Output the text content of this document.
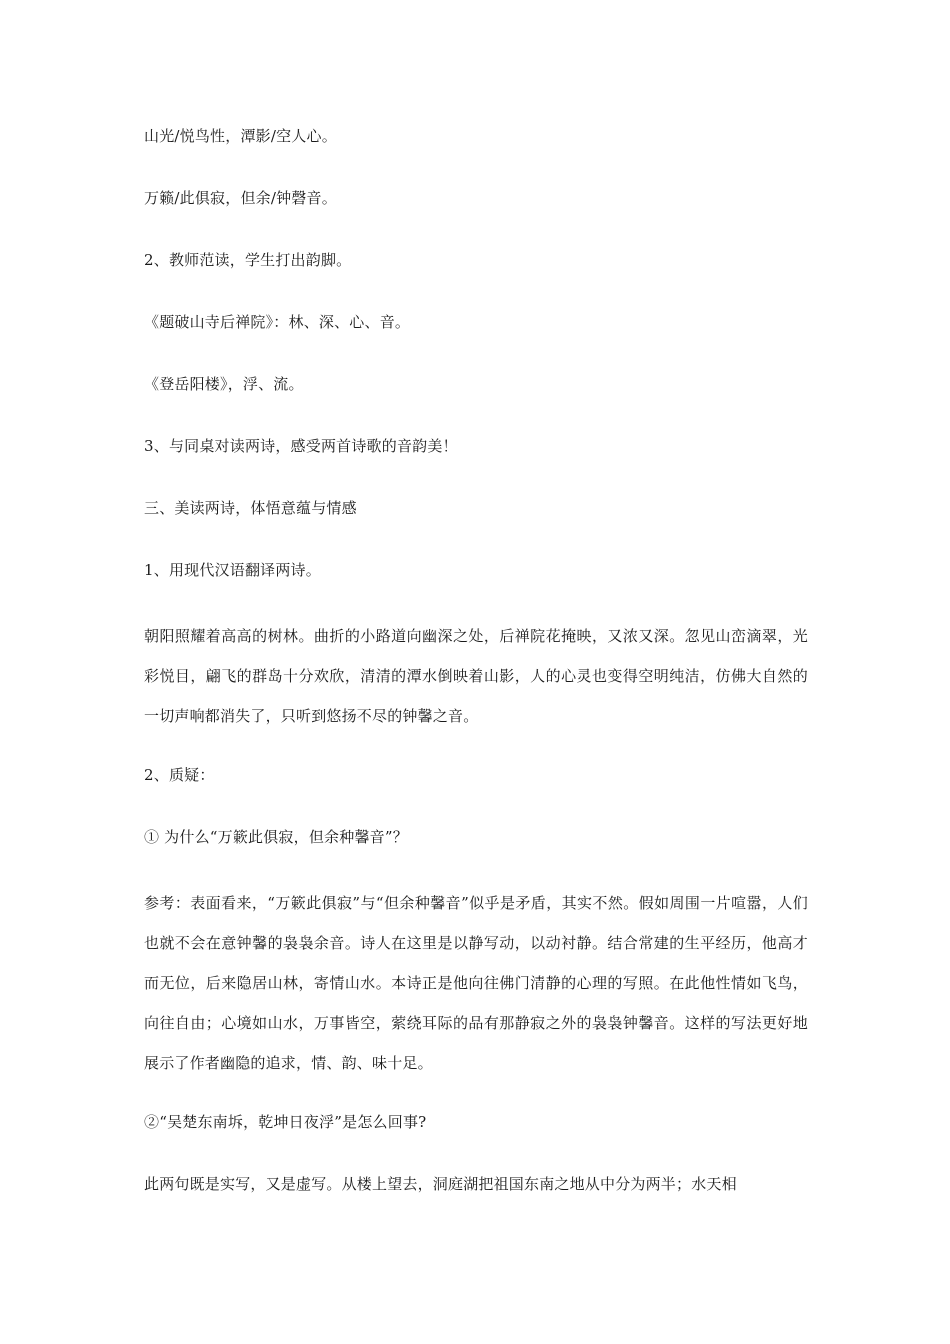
山光/悦鸟性，潭影/空人心。

万籁/此俱寂，但余/钟磬音。

2、教师范读，学生打出韵脚。

《题破山寺后禅院》：林、深、心、音。

《登岳阳楼》，浮、流。

3、与同桌对读两诗，感受两首诗歌的音韵美！

三、美读两诗，体悟意蕴与情感

1、用现代汉语翻译两诗。

朝阳照耀着高高的树林。曲折的小路道向幽深之处，后禅院花掩映，又浓又深。忽见山峦滴翠，光彩悦目，翩飞的群岛十分欢欣，清清的潭水倒映着山影，人的心灵也变得空明纯洁，仿佛大自然的一切声响都消失了，只听到悠扬不尽的钟馨之音。

2、质疑：

① 为什么“万簌此俱寂，但余种馨音”？

参考：表面看来，“万簌此俱寂”与“但余种馨音”似乎是矛盾，其实不然。假如周围一片喧嚣，人们也就不会在意钟馨的袅袅余音。诗人在这里是以静写动，以动衬静。结合常建的生平经历，他高才而无位，后来隐居山林，寄情山水。本诗正是他向往佛门清静的心理的写照。在此他性情如飞鸟，向往自由；心境如山水，万事皆空，萦绕耳际的品有那静寂之外的袅袅钟馨音。这样的写法更好地展示了作者幽隐的追求，情、韵、味十足。

②“吴楚东南坼，乾坤日夜浮”是怎么回事?

此两句既是实写，又是虚写。从楼上望去，洞庭湖把祖国东南之地从中分为两半；水天相
